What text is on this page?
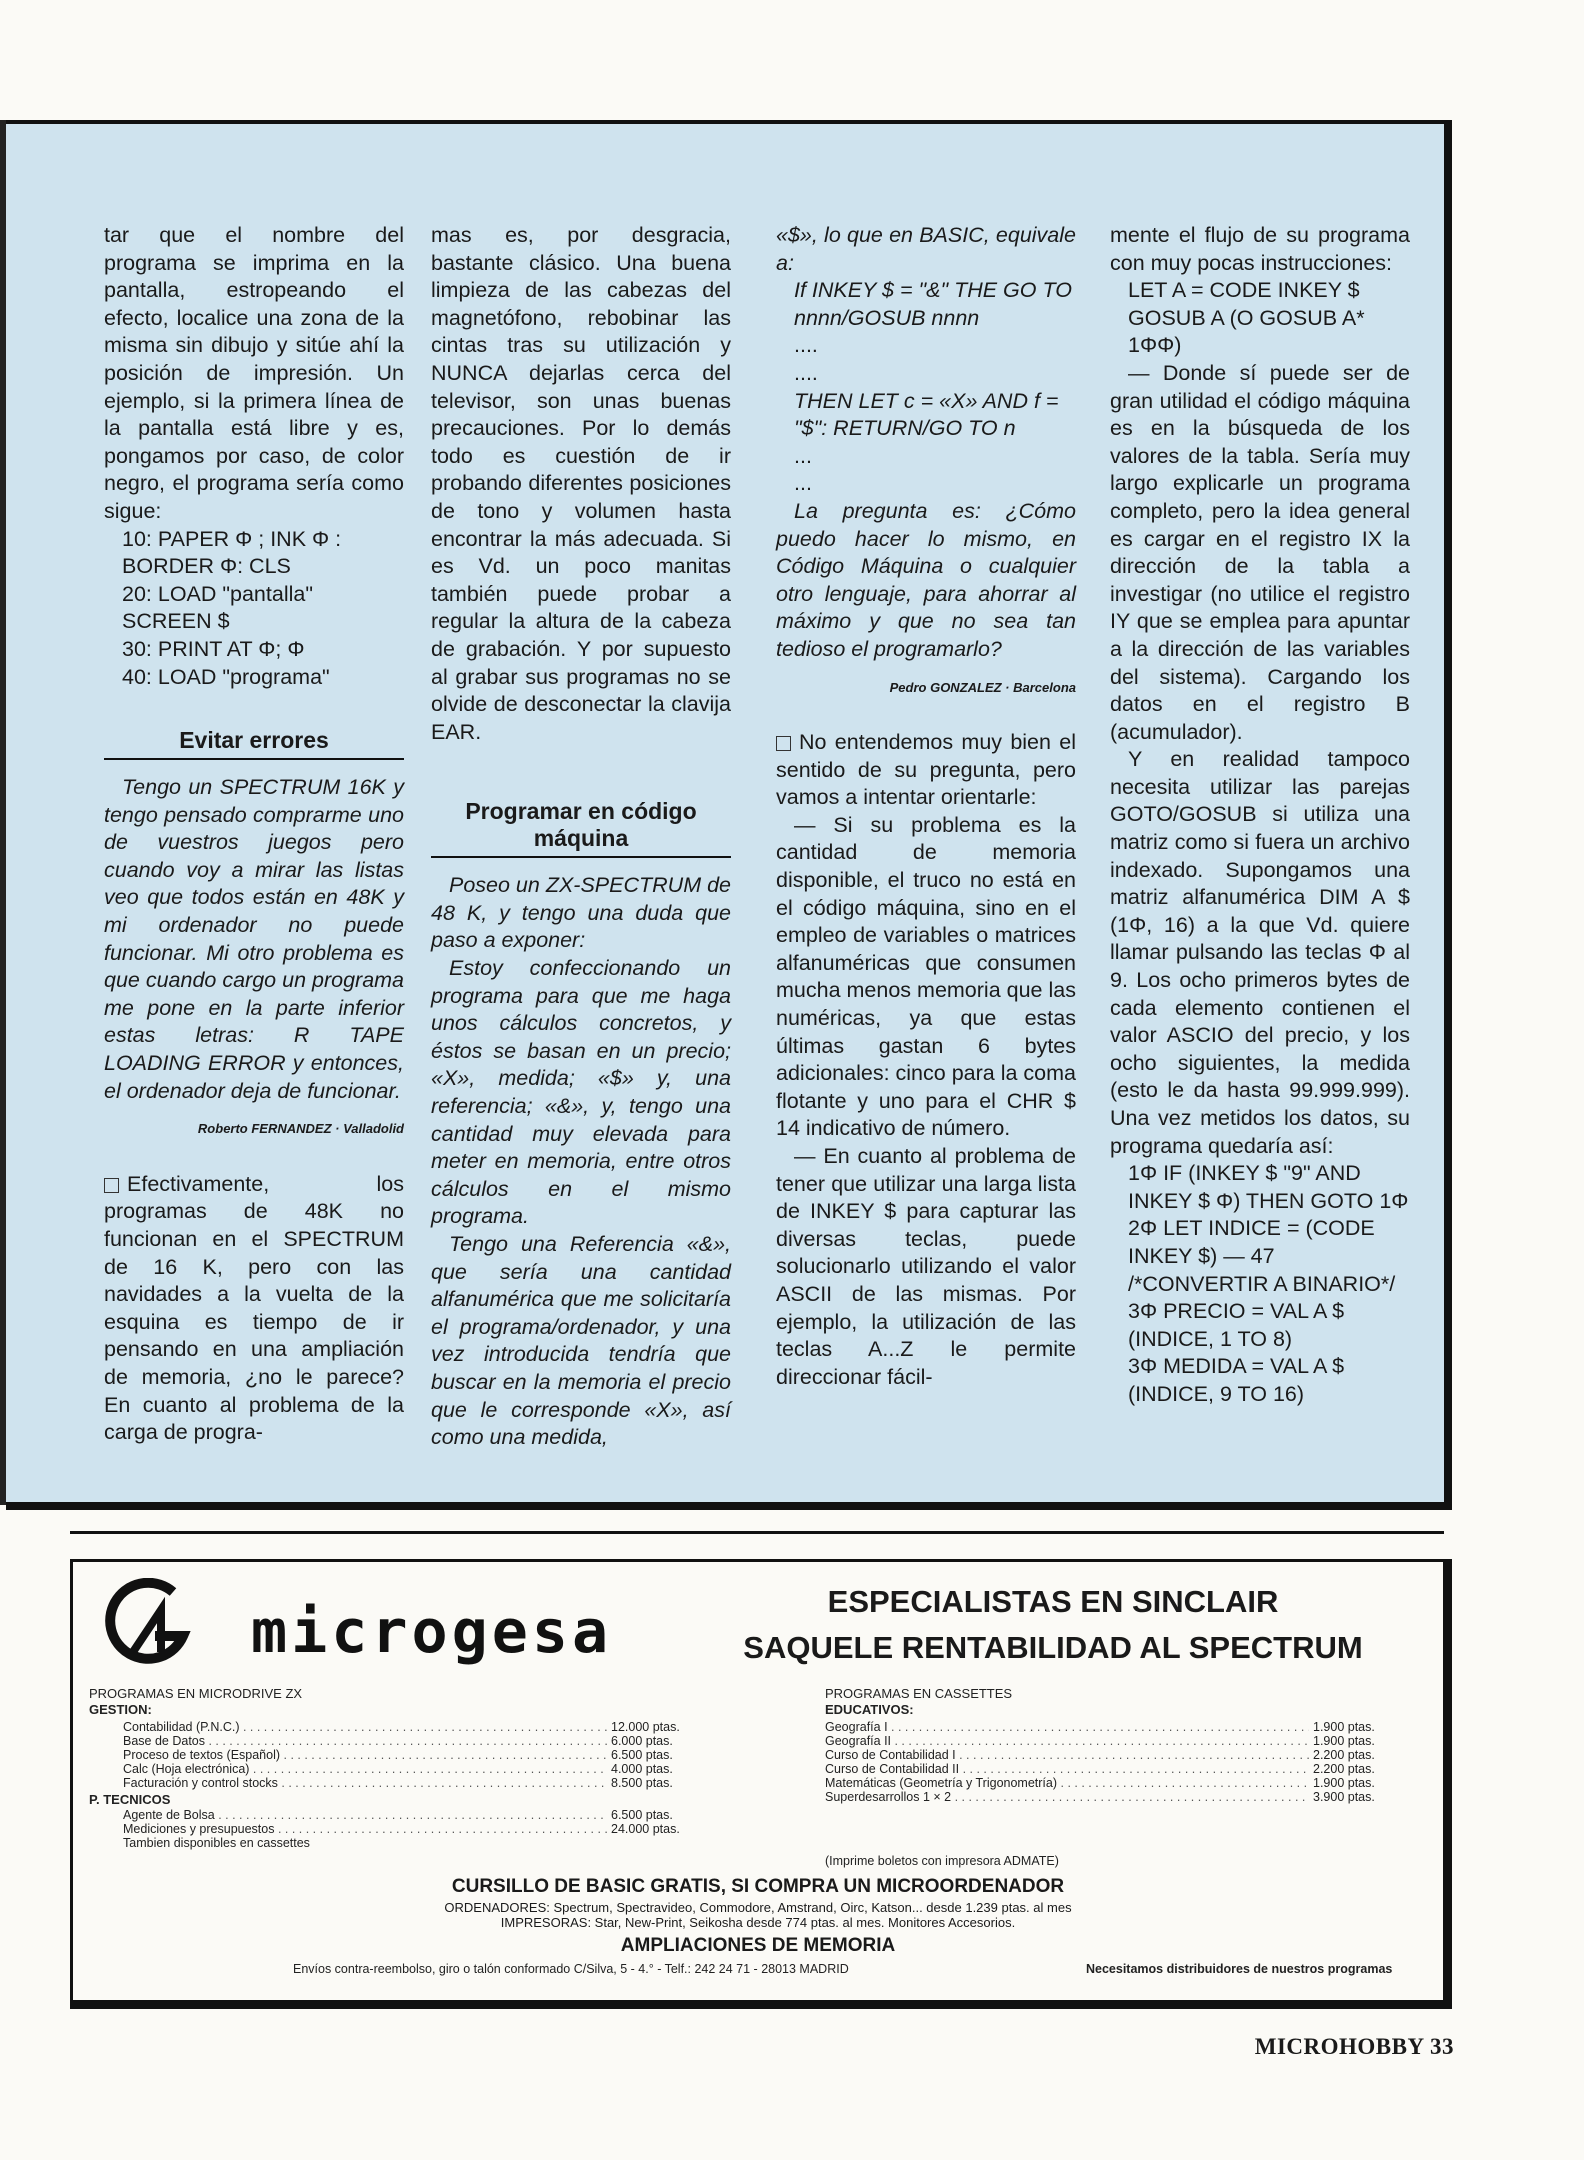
tar que el nombre del programa se imprima en la pantalla, estropeando el efecto, localice una zona de la misma sin dibujo y sitúe ahí la posición de impresión. Un ejemplo, si la primera línea de la pantalla está libre y es, pongamos por caso, de color negro, el programa sería como sigue:

10: PAPER Φ ; INK Φ : BORDER Φ: CLS

20: LOAD "pantalla" SCREEN $

30: PRINT AT Φ; Φ

40: LOAD "programa"

Evitar errores

Tengo un SPECTRUM 16K y tengo pensado comprarme uno de vuestros juegos pero cuando voy a mirar las listas veo que todos están en 48K y mi ordenador no puede funcionar. Mi otro problema es que cuando cargo un programa me pone en la parte inferior estas letras: R TAPE LOADING ERROR y entonces, el ordenador deja de funcionar.

Roberto FERNANDEZ · Valladolid

Efectivamente, los programas de 48K no funcionan en el SPECTRUM de 16 K, pero con las navidades a la vuelta de la esquina es tiempo de ir pensando en una ampliación de memoria, ¿no le parece? En cuanto al problema de la carga de progra-

mas es, por desgracia, bastante clásico. Una buena limpieza de las cabezas del magnetófono, rebobinar las cintas tras su utilización y NUNCA dejarlas cerca del televisor, son unas buenas precauciones. Por lo demás todo es cuestión de ir probando diferentes posiciones de tono y volumen hasta encontrar la más adecuada. Si es Vd. un poco manitas también puede probar a regular la altura de la cabeza de grabación. Y por supuesto al grabar sus programas no se olvide de desconectar la clavija EAR.

Programar en código máquina

Poseo un ZX-SPECTRUM de 48 K, y tengo una duda que paso a exponer:

Estoy confeccionando un programa para que me haga unos cálculos concretos, y éstos se basan en un precio; «X», medida; «$» y, una referencia; «&», y, tengo una cantidad muy elevada para meter en memoria, entre otros cálculos en el mismo programa.

Tengo una Referencia «&», que sería una cantidad alfanumérica que me solicitaría el programa/ordenador, y una vez introducida tendría que buscar en la memoria el precio que le corresponde «X», así como una medida,

«$», lo que en BASIC, equivale a:

If INKEY $ = "&" THE GO TO nnnn/GOSUB nnnn

....

....

THEN LET c = «X» AND f = "$": RETURN/GO TO n

...

...

La pregunta es: ¿Cómo puedo hacer lo mismo, en Código Máquina o cualquier otro lenguaje, para ahorrar al máximo y que no sea tan tedioso el programarlo?

Pedro GONZALEZ · Barcelona

No entendemos muy bien el sentido de su pregunta, pero vamos a intentar orientarle:

— Si su problema es la cantidad de memoria disponible, el truco no está en el código máquina, sino en el empleo de variables o matrices alfanuméricas que consumen mucha menos memoria que las numéricas, ya que estas últimas gastan 6 bytes adicionales: cinco para la coma flotante y uno para el CHR $ 14 indicativo de número.

— En cuanto al problema de tener que utilizar una larga lista de INKEY $ para capturar las diversas teclas, puede solucionarlo utilizando el valor ASCII de las mismas. Por ejemplo, la utilización de las teclas A...Z le permite direccionar fácil-

mente el flujo de su programa con muy pocas instrucciones:

LET A = CODE INKEY $

GOSUB A (O GOSUB A* 1ΦΦ)

— Donde sí puede ser de gran utilidad el código máquina es en la búsqueda de los valores de la tabla. Sería muy largo explicarle un programa completo, pero la idea general es cargar en el registro IX la dirección de la tabla a investigar (no utilice el registro IY que se emplea para apuntar a la dirección de las variables del sistema). Cargando los datos en el registro B (acumulador).

Y en realidad tampoco necesita utilizar las parejas GOTO/GOSUB si utiliza una matriz como si fuera un archivo indexado. Supongamos una matriz alfanumérica DIM A $ (1Φ, 16) a la que Vd. quiere llamar pulsando las teclas Φ al 9. Los ocho primeros bytes de cada elemento contienen el valor ASCIO del precio, y los ocho siguientes, la medida (esto le da hasta 99.999.999). Una vez metidos los datos, su programa quedaría así:

1Φ IF (INKEY $ "9" AND INKEY $ Φ) THEN GOTO 1Φ

2Φ LET INDICE = (CODE INKEY $) — 47 /*CONVERTIR A BINARIO*/

3Φ PRECIO = VAL A $ (INDICE, 1 TO 8)

3Φ MEDIDA = VAL A $ (INDICE, 9 TO 16)

microgesa	ESPECIALISTAS EN SINCLAIR
SAQUELE RENTABILIDAD AL SPECTRUM
PROGRAMAS EN MICRODRIVE ZX
GESTION:
Contabilidad (P.N.C.) . . .	12.000 ptas.
Base de Datos . . .	6.000 ptas.
Proceso de textos (Español) . . .	6.500 ptas.
Calc (Hoja electrónica) . . .	4.000 ptas.
Facturación y control stocks . . .	8.500 ptas.
P. TECNICOS
Agente de Bolsa . . .	6.500 ptas.
Mediciones y presupuestos . . .	24.000 ptas.
Tambien disponibles en cassettes
PROGRAMAS EN CASSETTES
EDUCATIVOS:
Geografía I . . .	1.900 ptas.
Geografía II . . .	1.900 ptas.
Curso de Contabilidad I . . .	2.200 ptas.
Curso de Contabilidad II . . .	2.200 ptas.
Matemáticas (Geometría y Trigonometría) . . .	1.900 ptas.
Superdesarrollos 1 × 2 . . .	3.900 ptas.
(Imprime boletos con impresora ADMATE)
CURSILLO DE BASIC GRATIS, SI COMPRA UN MICROORDENADOR
ORDENADORES: Spectrum, Spectravideo, Commodore, Amstrand, Oirc, Katson... desde 1.239 ptas. al mes
IMPRESORAS: Star, New-Print, Seikosha desde 774 ptas. al mes. Monitores Accesorios.
AMPLIACIONES DE MEMORIA
Envíos contra-reembolso, giro o talón conformado C/Silva, 5 - 4.° - Telf.: 242 24 71 - 28013 MADRID	Necesitamos distribuidores de nuestros programas
MICROHOBBY 33
